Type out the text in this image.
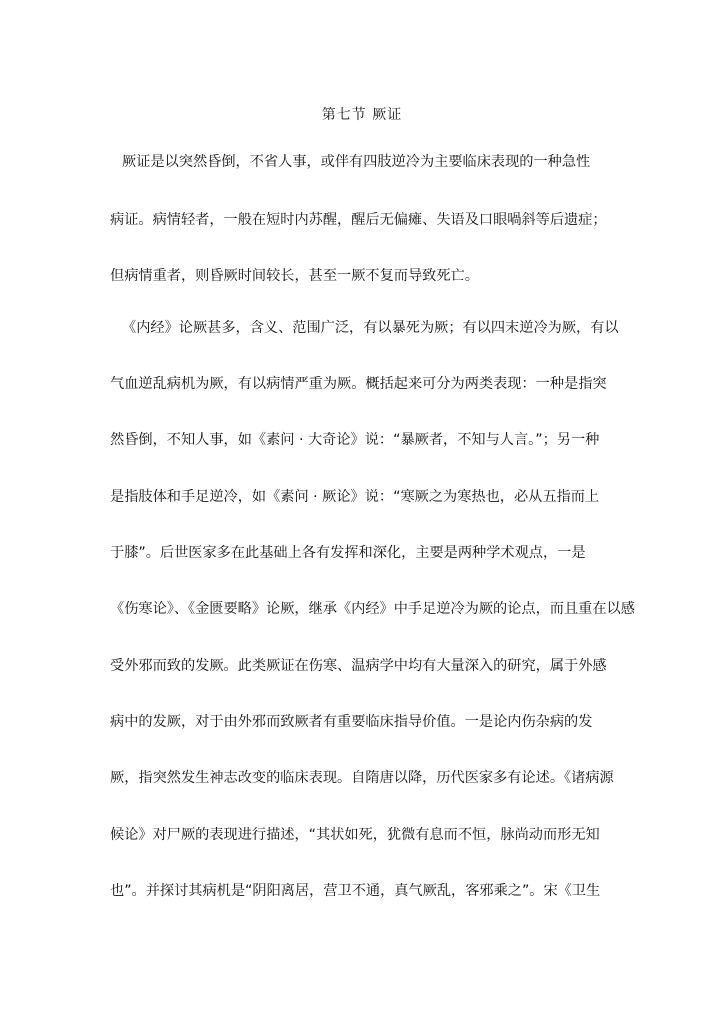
第七节 厥证
厥证是以突然昏倒，不省人事，或伴有四肢逆冷为主要临床表现的一种急性
病证。病情轻者，一般在短时内苏醒，醒后无偏瘫、失语及口眼喎斜等后遗症；
但病情重者，则昏厥时间较长，甚至一厥不复而导致死亡。
《内经》论厥甚多，含义、范围广泛，有以暴死为厥；有以四末逆冷为厥，有以
气血逆乱病机为厥，有以病情严重为厥。概括起来可分为两类表现：一种是指突
然昏倒，不知人事，如《素问 · 大奇论》说：“暴厥者，不知与人言。”；另一种
是指肢体和手足逆冷，如《素问 · 厥论》说：“寒厥之为寒热也，必从五指而上
于膝”。后世医家多在此基础上各有发挥和深化，主要是两种学术观点，一是
《伤寒论》、《金匮要略》论厥，继承《内经》中手足逆冷为厥的论点，而且重在以感
受外邪而致的发厥。此类厥证在伤寒、温病学中均有大量深入的研究，属于外感
病中的发厥，对于由外邪而致厥者有重要临床指导价值。一是论内伤杂病的发
厥，指突然发生神志改变的临床表现。自隋唐以降，历代医家多有论述。《诸病源
候论》对尸厥的表现进行描述，“其状如死，犹微有息而不恒，脉尚动而形无知
也”。并探讨其病机是“阴阳离居，营卫不通，真气厥乱，客邪乘之”。宋《卫生
